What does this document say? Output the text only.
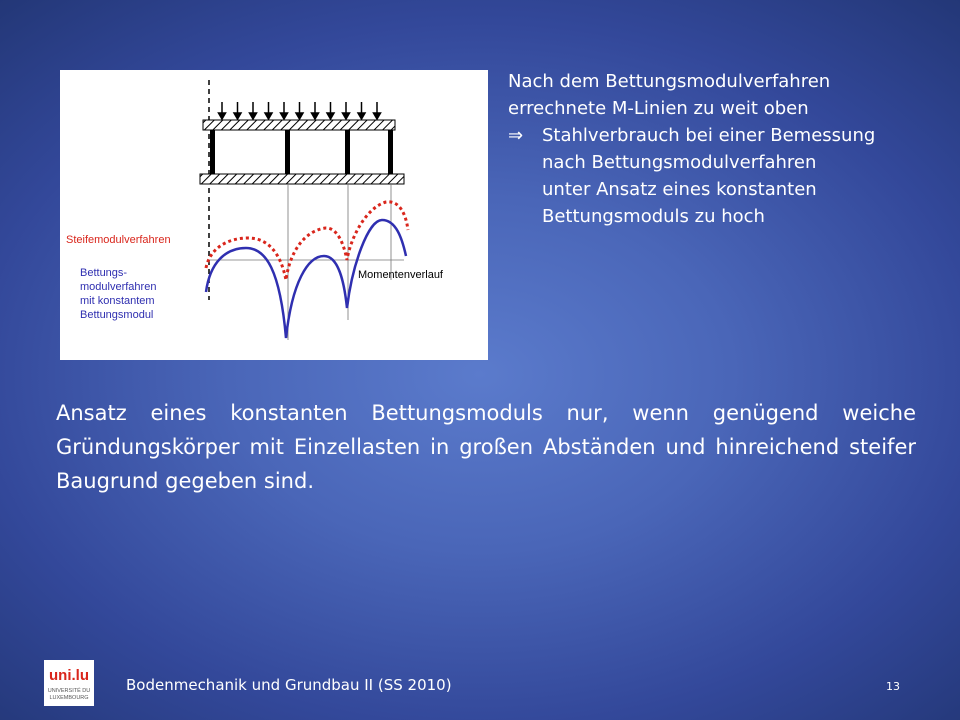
Steifemodulverfahren
Bettungs-
modulverfahren
mit konstantem
Bettungsmodul
Momentenverlauf
Nach dem Bettungsmodulverfahren
errechnete M-Linien zu weit oben
⇒	Stahlverbrauch bei einer Bemessung
nach Bettungsmodulverfahren
unter Ansatz eines konstanten
Bettungsmoduls zu hoch
Ansatz eines konstanten Bettungsmoduls nur, wenn genügend weiche Gründungskörper mit Einzellasten in großen Abständen und hinreichend steifer Baugrund gegeben sind.
uni.lu
UNIVERSITÉ DU
LUXEMBOURG
Bodenmechanik und Grundbau II (SS 2010)	13
